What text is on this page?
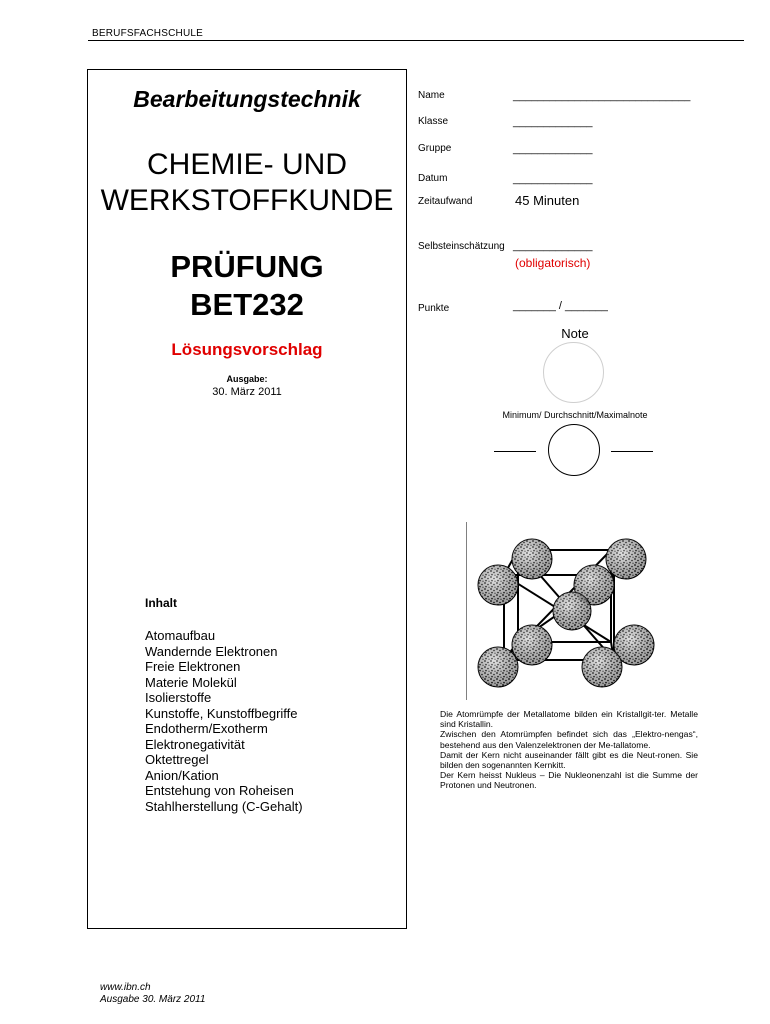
BERUFSFACHSCHULE
Bearbeitungstechnik
CHEMIE- UND
WERKSTOFFKUNDE
PRÜFUNG
BET232
Lösungsvorschlag
Ausgabe:
30. März 2011
Inhalt
Atomaufbau
Wandernde Elektronen
Freie Elektronen
Materie Molekül
Isolierstoffe
Kunstoffe, Kunstoffbegriffe
Endotherm/Exotherm
Elektronegativität
Oktettregel
Anion/Kation
Entstehung von Roheisen
Stahlherstellung (C-Gehalt)
Name	_____________________________
Klasse	_____________
Gruppe	_____________
Datum	_____________
Zeitaufwand	45 Minuten
Selbsteinschätzung _____________
(obligatorisch)
Punkte	_______ / _______
Note
Minimum/ Durchschnitt/Maximalnote
Die Atomrümpfe der Metallatome bilden ein Kristallgit-ter. Metalle sind Kristallin.
Zwischen den Atomrümpfen befindet sich das „Elektro-nengas“, bestehend aus den Valenzelektronen der Me-tallatome.
Damit der Kern nicht auseinander fällt gibt es die Neut-ronen. Sie bilden den sogenannten Kernkitt.
Der Kern heisst Nukleus – Die Nukleonenzahl ist die Summe der Protonen und Neutronen.
www.ibn.ch
Ausgabe 30. März 2011
